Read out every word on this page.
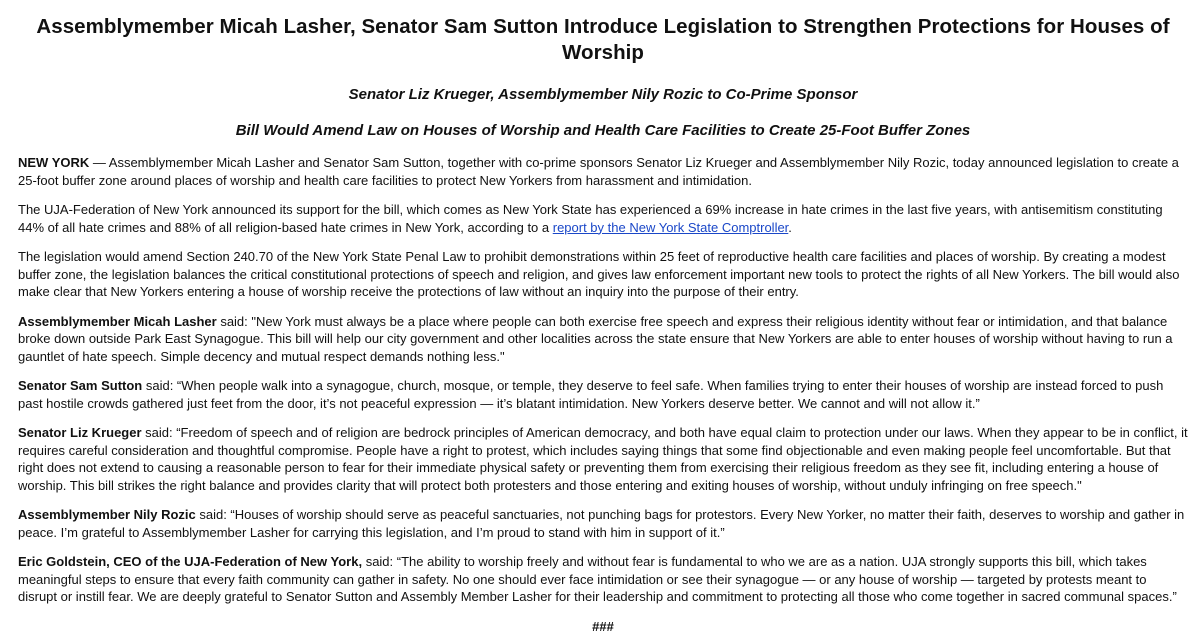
Assemblymember Micah Lasher, Senator Sam Sutton Introduce Legislation to Strengthen Protections for Houses of Worship
Senator Liz Krueger, Assemblymember Nily Rozic to Co-Prime Sponsor
Bill Would Amend Law on Houses of Worship and Health Care Facilities to Create 25-Foot Buffer Zones

NEW YORK — Assemblymember Micah Lasher and Senator Sam Sutton, together with co-prime sponsors Senator Liz Krueger and Assemblymember Nily Rozic, today announced legislation to create a 25-foot buffer zone around places of worship and health care facilities to protect New Yorkers from harassment and intimidation.

The UJA-Federation of New York announced its support for the bill, which comes as New York State has experienced a 69% increase in hate crimes in the last five years, with antisemitism constituting 44% of all hate crimes and 88% of all religion-based hate crimes in New York, according to a report by the New York State Comptroller.

The legislation would amend Section 240.70 of the New York State Penal Law to prohibit demonstrations within 25 feet of reproductive health care facilities and places of worship. By creating a modest buffer zone, the legislation balances the critical constitutional protections of speech and religion, and gives law enforcement important new tools to protect the rights of all New Yorkers. The bill would also make clear that New Yorkers entering a house of worship receive the protections of law without an inquiry into the purpose of their entry.

Assemblymember Micah Lasher said: "New York must always be a place where people can both exercise free speech and express their religious identity without fear or intimidation, and that balance broke down outside Park East Synagogue. This bill will help our city government and other localities across the state ensure that New Yorkers are able to enter houses of worship without having to run a gauntlet of hate speech. Simple decency and mutual respect demands nothing less."

Senator Sam Sutton said: “When people walk into a synagogue, church, mosque, or temple, they deserve to feel safe. When families trying to enter their houses of worship are instead forced to push past hostile crowds gathered just feet from the door, it’s not peaceful expression — it’s blatant intimidation. New Yorkers deserve better. We cannot and will not allow it.”

Senator Liz Krueger said: “Freedom of speech and of religion are bedrock principles of American democracy, and both have equal claim to protection under our laws. When they appear to be in conflict, it requires careful consideration and thoughtful compromise. People have a right to protest, which includes saying things that some find objectionable and even making people feel uncomfortable. But that right does not extend to causing a reasonable person to fear for their immediate physical safety or preventing them from exercising their religious freedom as they see fit, including entering a house of worship. This bill strikes the right balance and provides clarity that will protect both protesters and those entering and exiting houses of worship, without unduly infringing on free speech."

Assemblymember Nily Rozic said: “Houses of worship should serve as peaceful sanctuaries, not punching bags for protestors. Every New Yorker, no matter their faith, deserves to worship and gather in peace. I’m grateful to Assemblymember Lasher for carrying this legislation, and I’m proud to stand with him in support of it.”

Eric Goldstein, CEO of the UJA-Federation of New York, said: “The ability to worship freely and without fear is fundamental to who we are as a nation. UJA strongly supports this bill, which takes meaningful steps to ensure that every faith community can gather in safety. No one should ever face intimidation or see their synagogue — or any house of worship — targeted by protests meant to disrupt or instill fear. We are deeply grateful to Senator Sutton and Assembly Member Lasher for their leadership and commitment to protecting all those who come together in sacred communal spaces.”

###
